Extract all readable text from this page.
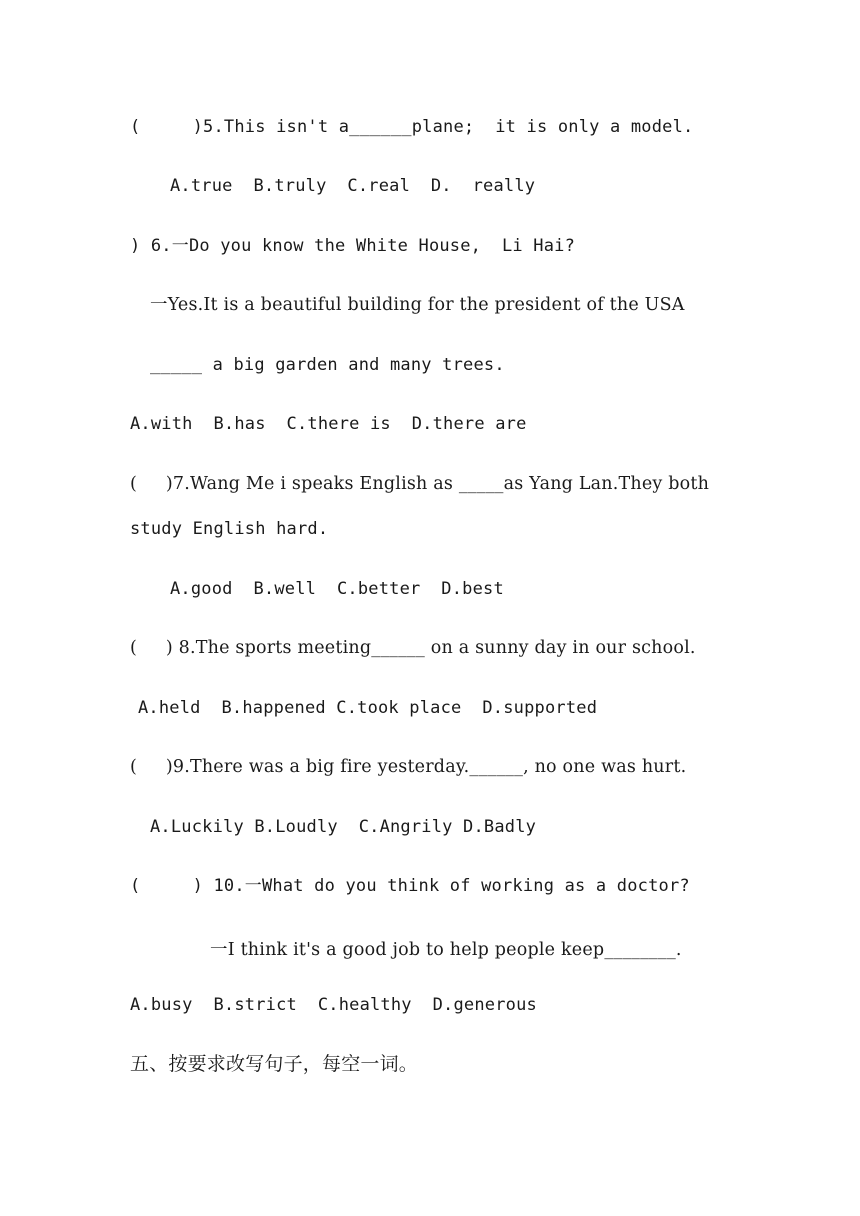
(     )5.This isn't a______plane;  it is only a model.
A.true  B.truly  C.real  D.  really
) 6.一Do you know the White House,  Li Hai?
一Yes.It is a beautiful building for the president of the USA
_____ a big garden and many trees.
A.with  B.has  C.there is  D.there are
(     )7.Wang Me i speaks English as _____as Yang Lan.They both
study English hard.
A.good  B.well  C.better  D.best
(     ) 8.The sports meeting______ on a sunny day in our school.
A.held  B.happened C.took place  D.supported
(     )9.There was a big fire yesterday.______, no one was hurt.
A.Luckily B.Loudly  C.Angrily D.Badly
(     ) 10.一What do you think of working as a doctor?
一I think it's a good job to help people keep________.
A.busy  B.strict  C.healthy  D.generous
五、按要求改写句子，每空一词。
